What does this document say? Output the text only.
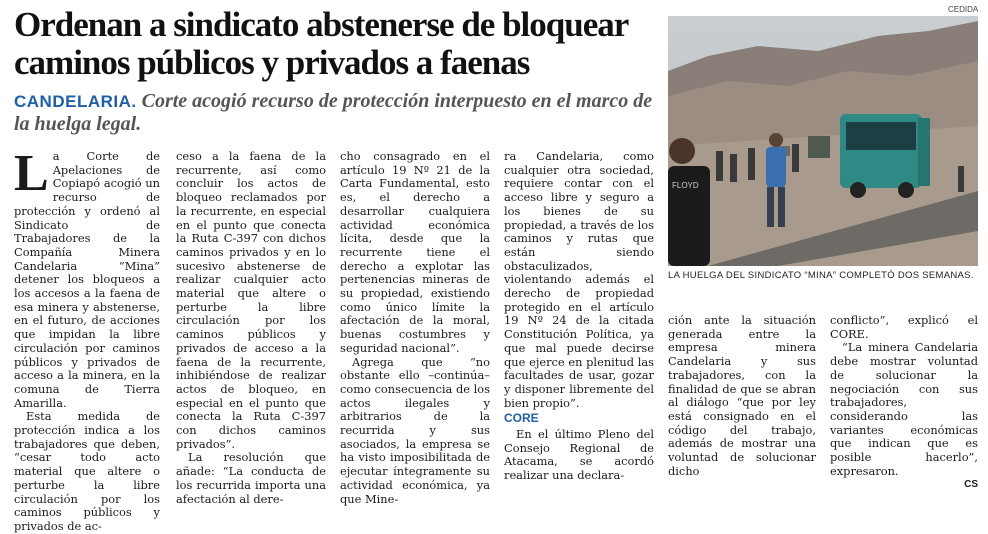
Ordenan a sindicato abstenerse de bloquear
caminos públicos y privados a faenas
CANDELARIA. Corte acogió recurso de protección interpuesto en el marco de la huelga legal.
CEDIDA
FLOYD
LA HUELGA DEL SINDICATO “MINA” COMPLETÓ DOS SEMANAS.

L a Corte de Apelaciones de Copiapó acogió un recurso de protección y ordenó al Sindicato de Trabajadores de la Compañía Minera Candelaria “Mina” detener los bloqueos a los accesos a la faena de esa minera y abstenerse, en el futuro, de acciones que impidan la libre circulación por caminos públicos y privados de acceso a la minera, en la comuna de Tierra Amarilla.

Esta medida de protección indica a los trabajadores que deben, “cesar todo acto material que altere o perturbe la libre circulación por los caminos públicos y privados de ac-

ceso a la faena de la recurrente, así como concluir los actos de bloqueo reclamados por la recurrente, en especial en el punto que conecta la Ruta C-397 con dichos caminos privados y en lo sucesivo abstenerse de realizar cualquier acto material que altere o perturbe la libre circulación por los caminos públicos y privados de acceso a la faena de la recurrente, inhibiéndose de realizar actos de bloqueo, en especial en el punto que conecta la Ruta C-397 con dichos caminos privados”.

La resolución que añade: “La conducta de los recurrida importa una afectación al dere-

cho consagrado en el artículo 19 Nº 21 de la Carta Fundamental, esto es, el derecho a desarrollar cualquiera actividad económica lícita, desde que la recurrente tiene el derecho a explotar las pertenencias mineras de su propiedad, existiendo como único límite la afectación de la moral, buenas costumbres y seguridad nacional”.

Agrega que “no obstante ello –continúa– como consecuencia de los actos ilegales y arbitrarios de la recurrida y sus asociados, la empresa se ha visto imposibilitada de ejecutar íntegramente su actividad económica, ya que Mine-

ra Candelaria, como cualquier otra sociedad, requiere contar con el acceso libre y seguro a los bienes de su propiedad, a través de los caminos y rutas que están siendo obstaculizados, violentando además el derecho de propiedad protegido en el artículo 19 Nº 24 de la citada Constitución Política, ya que mal puede decirse que ejerce en plenitud las facultades de usar, gozar y disponer libremente del bien propio”.

CORE

En el último Pleno del Consejo Regional de Atacama, se acordó realizar una declara-

ción ante la situación generada entre la empresa minera Candelaria y sus trabajadores, con la finalidad de que se abran al diálogo “que por ley está consignado en el código del trabajo, además de mostrar una voluntad de solucionar dicho

conflicto”, explicó el CORE.

“La minera Candelaria debe mostrar voluntad de solucionar la negociación con sus trabajadores, considerando las variantes económicas que indican que es posible hacerlo”, expresaron.

CS
